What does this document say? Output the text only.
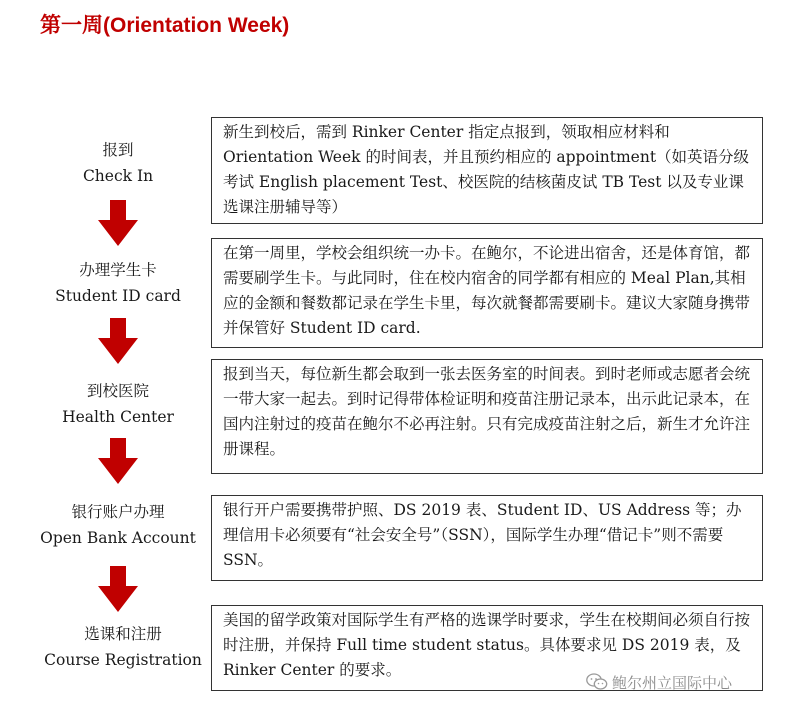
第一周(Orientation Week)
报到
Check In

新生到校后，需到 Rinker Center 指定点报到，领取相应材料和 Orientation Week 的时间表，并且预约相应的 appointment（如英语分级考试 English placement Test、校医院的结核菌皮试 TB Test 以及专业课选课注册辅导等）

办理学生卡
Student ID card

在第一周里，学校会组织统一办卡。在鲍尔，不论进出宿舍，还是体育馆，都需要刷学生卡。与此同时，住在校内宿舍的同学都有相应的 Meal Plan,其相应的金额和餐数都记录在学生卡里，每次就餐都需要刷卡。建议大家随身携带并保管好 Student ID card.

到校医院
Health Center

报到当天，每位新生都会取到一张去医务室的时间表。到时老师或志愿者会统一带大家一起去。到时记得带体检证明和疫苗注册记录本，出示此记录本，在国内注射过的疫苗在鲍尔不必再注射。只有完成疫苗注射之后，新生才允许注册课程。

银行账户办理
Open Bank Account

银行开户需要携带护照、DS 2019 表、Student ID、US Address 等；办理信用卡必须要有“社会安全号”（SSN），国际学生办理“借记卡”则不需要 SSN。

选课和注册
Course Registration

美国的留学政策对国际学生有严格的选课学时要求，学生在校期间必须自行按时注册，并保持 Full time student status。具体要求见 DS 2019 表，及 Rinker Center 的要求。

鲍尔州立国际中心
